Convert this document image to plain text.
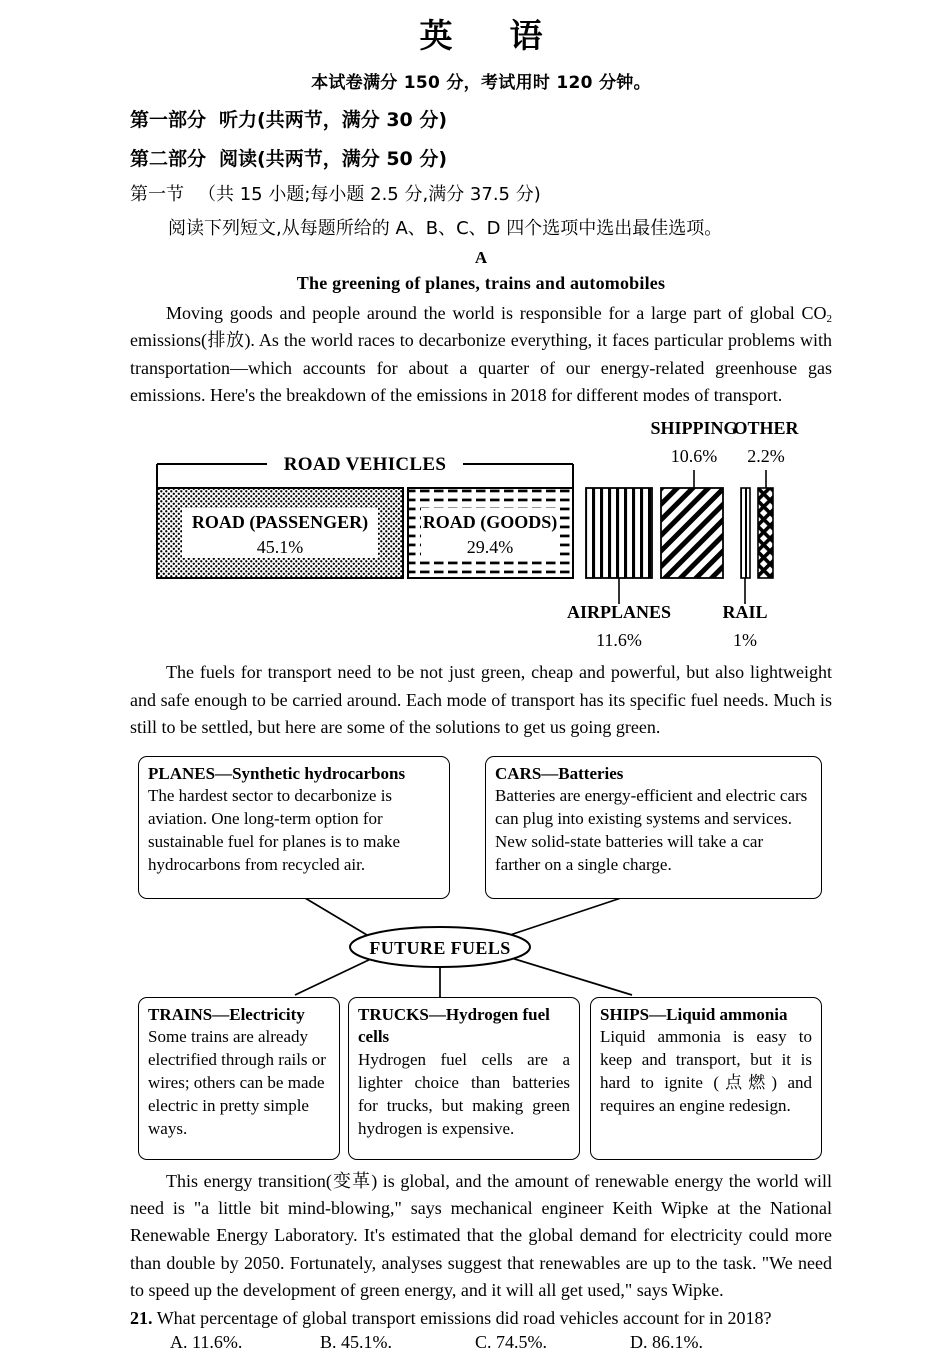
英　语
本试卷满分 150 分，考试用时 120 分钟。
第一部分 听力(共两节，满分 30 分)
第二部分 阅读(共两节，满分 50 分)
第一节 （共 15 小题;每小题 2.5 分,满分 37.5 分)
阅读下列短文,从每题所给的 A、B、C、D 四个选项中选出最佳选项。
A
The greening of planes, trains and automobiles

Moving goods and people around the world is responsible for a large part of global $CO_2$ emissions(排放). As the world races to decarbonize everything, it faces particular problems with transportation—which accounts for about a quarter of our energy-related greenhouse gas emissions. Here's the breakdown of the emissions in 2018 for different modes of transport.

ROAD VEHICLES
SHIPPING
10.6%
OTHER
2.2%
ROAD (PASSENGER)
45.1%
ROAD (GOODS)
29.4%
AIRPLANES
11.6%
RAIL
1%

The fuels for transport need to be not just green, cheap and powerful, but also lightweight and safe enough to be carried around. Each mode of transport has its specific fuel needs. Much is still to be settled, but here are some of the solutions to get us going green.

FUTURE FUELS
PLANES—Synthetic hydrocarbons
The hardest sector to decarbonize is aviation. One long-term option for sustainable fuel for planes is to make hydrocarbons from recycled air.
CARS—Batteries
Batteries are energy-efficient and electric cars can plug into existing systems and services. New solid-state batteries will take a car farther on a single charge.
TRAINS—Electricity
Some trains are already electrified through rails or wires; others can be made electric in pretty simple ways.
TRUCKS—Hydrogen fuel cells
Hydrogen fuel cells are a lighter choice than batteries for trucks, but making green hydrogen is expensive.
SHIPS—Liquid ammonia
Liquid ammonia is easy to keep and transport, but it is hard to ignite (点燃) and requires an engine redesign.

This energy transition(变革) is global, and the amount of renewable energy the world will need is "a little bit mind-blowing," says mechanical engineer Keith Wipke at the National Renewable Energy Laboratory. It's estimated that the global demand for electricity could more than double by 2050. Fortunately, analyses suggest that renewables are up to the task. "We need to speed up the development of green energy, and it will all get used," says Wipke.

21. What percentage of global transport emissions did road vehicles account for in 2018?
A. 11.6%.	B. 45.1%.	C. 74.5%.	D. 86.1%.
